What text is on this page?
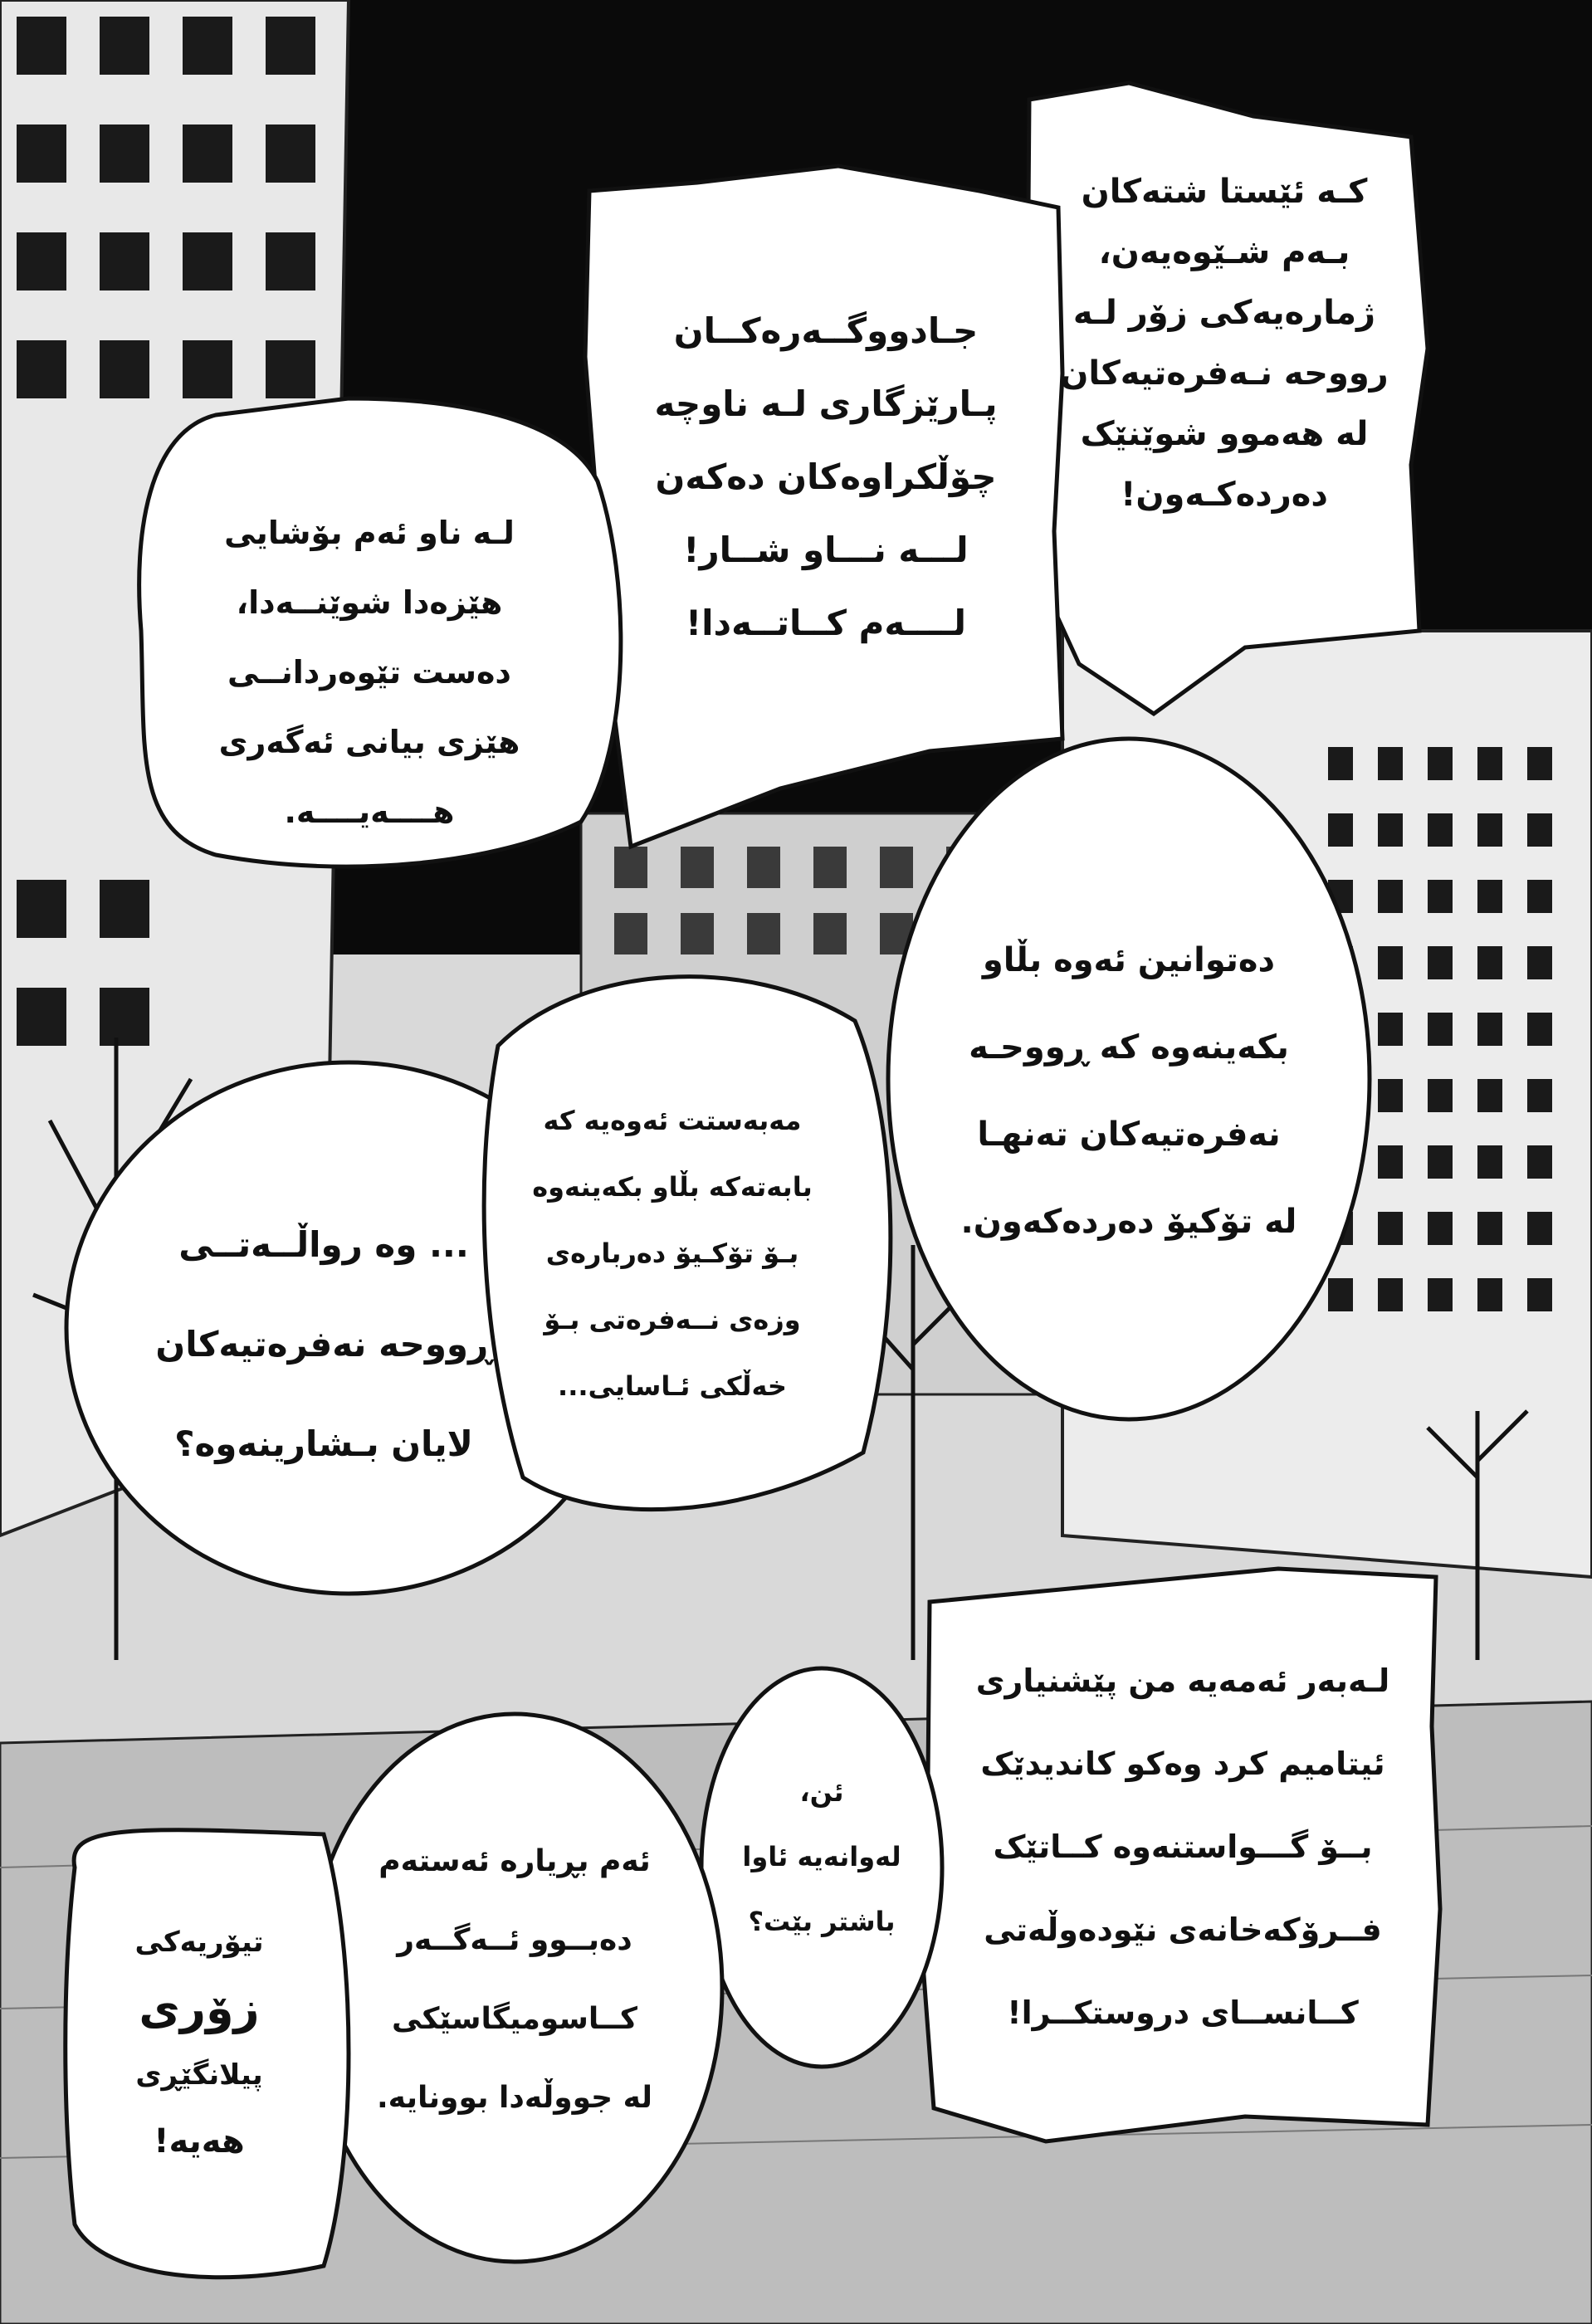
کـە ئێستا شتەکان
بـەم شـێوەیەن،
ژمارەیەکی زۆر لـە
رووحە نـەفرەتیەکان
لە هەموو شوێنێک
دەردەکـەون!
جـادووگــەرەکــان
پـارێزگاری لـە ناوچە
چۆڵکراوەکان دەکەن
لـــە نـــاو شــار!
لــــەم کــاتــەدا!
لـە ناو ئەم بۆشایی
هێزەدا شوێنــەدا،
دەست تێوەردانــی
هێزی بیانی ئەگەری
هــــەیــــە.
دەتوانین ئەوە بڵاو
بکەینەوە کە ڕووحـە
نەفرەتیەکان تەنهـا
لە تۆکیۆ دەردەکەون.
... وە رواڵــەتــی
ڕووحە نەفرەتیەکان
لایان بـشارینەوە؟
مەبەستت ئەوەیە کە
بابەتەکە بڵاو بکەینەوە
بـۆ تۆکـیۆ دەربارەی
وزەی نــەفرەتی بـۆ
خەڵکی ئـاسایی...
لـەبەر ئەمەیە من پێشنیاری
ئیتامیم کرد وەکو کاندیدێک
بــۆ گـــواستنەوە کــاتێک
فــرۆکەخانەی نێودەوڵەتی
کــانســای دروستکــرا!
ئن،
لەوانەیە ئاوا
باشتر بێت؟
ئەم بڕیارە ئەستەم
دەبــوو ئــەگــەر
کــاسومیگاسێکی
لە جووڵەدا بوونایە.
تیۆریەکی
زۆری
پیلانگێڕی
هەیە!
